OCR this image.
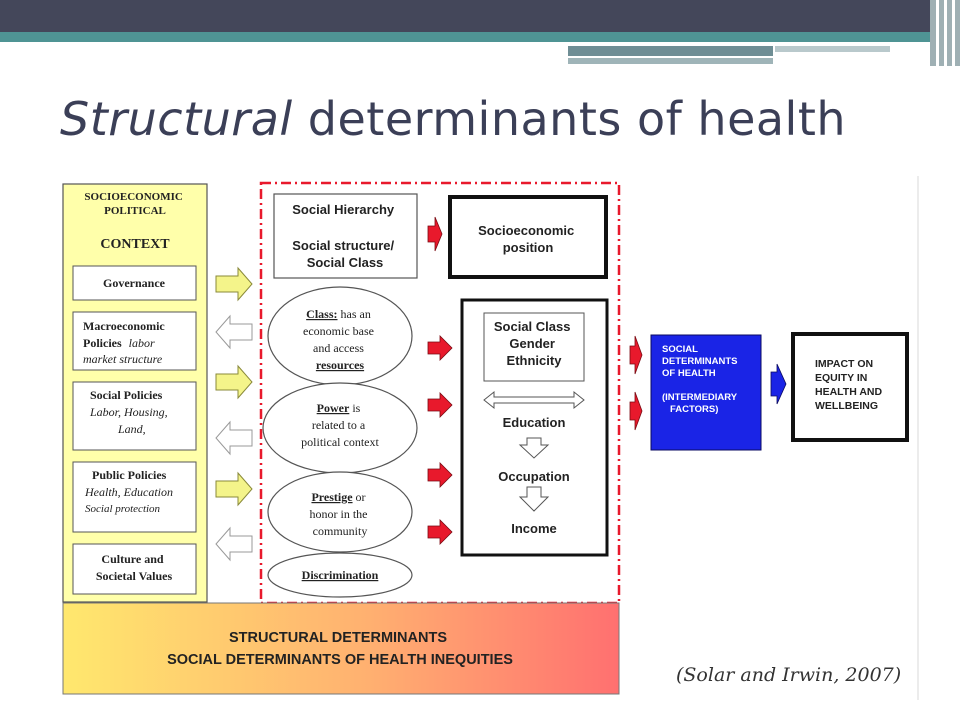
Structural determinants of health
SOCIOECONOMIC POLITICAL
CONTEXT
Governance
Macroeconomic Policies labor market structure
Social Policies Labor, Housing, Land,
Public Policies Health, Education Social protection
Culture and Societal Values
Social Hierarchy Social structure/ Social Class
Class: has an economic base and access resources
Power is related to a political context
Prestige or honor in the community
Discrimination
Socioeconomic position
Social Class Gender Ethnicity
Education
Occupation
Income
SOCIAL DETERMINANTS OF HEALTH (INTERMEDIARY FACTORS)
IMPACT ON EQUITY IN HEALTH AND WELLBEING
STRUCTURAL DETERMINANTS SOCIAL DETERMINANTS OF HEALTH INEQUITIES
(Solar and Irwin, 2007)
